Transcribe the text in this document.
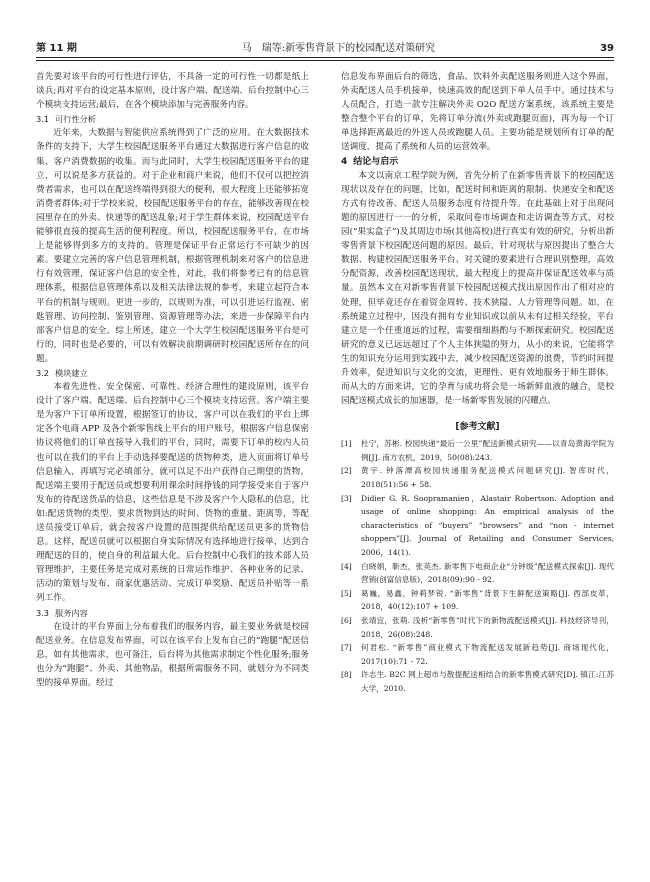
第 11 期	马　瑞等:新零售背景下的校园配送对策研究	39

首先要对该平台的可行性进行评估，不具备一定的可行性一切都是纸上谈兵;再对平台的设定基本原则，设计客户端、配送端、后台控制中心三个模块支持运营;最后，在各个模块添加与完善服务内容。

3.1 可行性分析

近年来，大数据与智能供应系统得到了广泛的应用。在大数据技术条件的支持下，大学生校园配送服务平台通过大数据进行客户信息的收集、客户消费数据的收集。而与此同时，大学生校园配送服务平台的建立，可以说是多方获益的。对于企业和商户来说，他们不仅可以把控消费者需求，也可以在配送终端得到很大的便利，很大程度上还能够拓宽消费者群体;对于学校来说，校园配送服务平台的存在，能够改善现在校园里存在的外卖、快递等的配送乱象;对于学生群体来说，校园配送平台能够很直接的提高生活的便利程度。所以，校园配送服务平台，在市场上是能够得到多方的支持的。管理是保证平台正常运行不可缺少的因素。要建立完善的客户信息管理机制，根据管理机制来对客户的信息进行有效管理，保证客户信息的安全性，对此，我们将参考已有的信息管理体系，根据信息管理体系以及相关法律法规的参考，来建立起符合本平台的机制与规则。更进一步的，以规则为准，可以引进运行监视、密匙管理、访问控制、鉴别管理、资源管理等办法，来进一步保障平台内部客户信息的安全。综上所述，建立一个大学生校园配送服务平台是可行的，同时也是必要的，可以有效解决前期调研时校园配送所存在的问题。

3.2 模块建立

本着先进性、安全保密、可靠性、经济合理性的建设原则，该平台设计了客户端、配送端、后台控制中心三个模块支持运营。客户端主要是为客户下订单所设置，根据签订的协议，客户可以在我们的平台上绑定各个电商 APP 及各个新零售线上平台的用户账号，根据客户信息保密协议将他们的订单直接导入我们的平台，同时，需要下订单的校内人员也可以在我们的平台上手动选择要配送的货物种类，进入页面将订单号信息输入，再填写完必填部分，就可以足不出户获得自己期望的货物。配送端主要用于配送员或想要利用课余时间挣钱的同学接受来自于客户发布的待配送货品的信息，这些信息是不涉及客户个人隐私的信息，比如:配送货物的类型、要求货物到达的时间、货物的重量、距离等，等配送员接受订单后，就会按客户设置的范围提供给配送员更多的货物信息。这样，配送员就可以根据自身实际情况有选择地进行接单，达到合理配送的目的，使自身的利益最大化。后台控制中心我们的技术部人员管理维护，主要任务是完成对系统的日常运作维护、各种业务的记录、活动的策划与发布、商家优惠活动、完成订单奖励、配送员补贴等一系列工作。

3.3 服务内容

在设计的平台界面上分布着我们的服务内容，最主要业务就是校园配送业务。在信息发布界面，可以在该平台上发布自己的“跑腿”配送信息，如有其他需求，也可备注，后台将为其他需求制定个性化服务;服务也分为“跑腿”、外卖、其他物品，根据所需服务不同，就划分为不同类型的接单界面。经过

信息发布界面后台的筛选，食品、饮料外卖配送服务则进入这个界面，外卖配送人员手机接单，快速高效的配送到下单人员手中。通过技术与人员配合，打造一款专注解决外卖 O2O 配送方案系统，该系统主要是整合整个平台的订单，先将订单分流(外卖或跑腿页面)，再为每一个订单选择距离最近的外送人员或跑腿人员。主要功能是规划所有订单的配送调度，提高了系统和人员的运营效率。

4 结论与启示

本文以南京工程学院为例，首先分析了在新零售背景下的校园配送现状以及存在的问题，比如，配送时间和距离的限制、快递安全和配送方式有待改善、配送人员服务态度有待提升等。在此基础上对于出现问题的原因进行一一的分析，采取问卷市场调查和走访调查等方式，对校园(“果实盒子”)及其周边市场(其他高校)进行真实有效的研究，分析出新零售背景下校园配送问题的原因。最后，针对现状与原因提出了整合大数据、构建校园配送服务平台、对关键的要素进行合理识别整理，高效分配资源，改善校园配送现状，最大程度上的提高并保证配送效率与质量。虽然本文在对新零售背景下校园配送模式找出原因作出了相对应的处理，但毕竟还存在着资金周转、技术狭隘、人力管理等问题。如，在系统建立过程中，因没有拥有专业知识或以前从未有过相关经验，平台建立是一个任重道远的过程，需要细细斟酌与不断探索研究。校园配送研究的意义已远远超过了个人主体狭隘的努力，从小的来说，它能将学生的知识充分运用到实践中去，减少校园配送资源的浪费，节约时间提升效率，促进知识与文化的交流，更理性、更有效地服务于师生群体。而从大的方面来讲，它的孕育与成功将会是一场新鲜血液的融合，是校园配送模式成长的加速器，是一场新零售发展的闪耀点。

[参考文献]
[1]	杜宁，苏彬. 校园快递“最后一公里”配送新模式研究——以青岛黄海学院为例[J]. 南方农机，2019，50(08):243.
[2]	黄宇. 钟落潭高校园快递服务配送模式问题研究[J]. 智库时代，2018(51):56 + 58.
[3]	Didier G. R. Soopramanien，Alastair Robertson. Adoption and usage of online shopping: An empirical analysis of the characteristics of “buyers” “browsers” and “non - internet shoppers”[J]. Journal of Retailing and Consumer Services, 2006，14(1).
[4]	白晓娟，靳杰，张英杰. 新零售下电商企业“分钟级”配送模式探索[J]. 现代营销(创富信息版)，2018(09):90 - 92.
[5]	葛巍，易鑫，钟莉梦锐. “新零售”背景下生鲜配送策略[J]. 西部皮革，2018，40(12):107 + 109.
[6]	张靖宜，张萌. 浅析“新零售”时代下的新物流配送模式[J]. 科技经济导刊，2018，26(08):248.
[7]	何君松. “新零售”商业模式下物流配送发展新趋势[J]. 商场现代化，2017(10):71 - 72.
[8]	许志生. B2C 网上超市与散提配送相结合的新零售模式研究[D]. 镇江:江苏大学，2010.
